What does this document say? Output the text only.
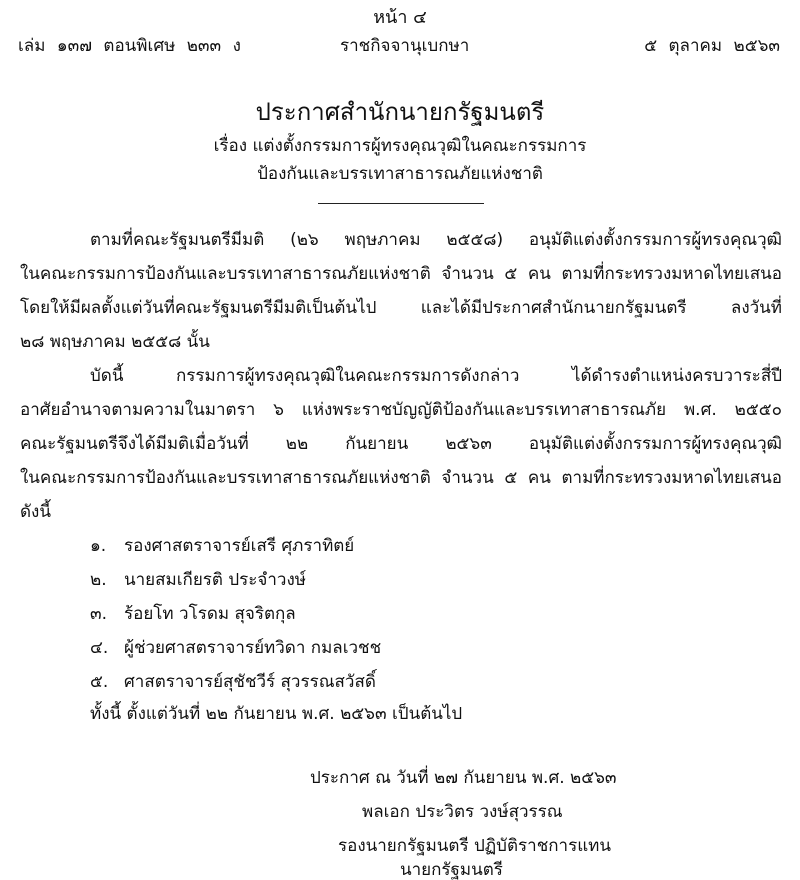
หน้า ๔
เล่ม ๑๓๗ ตอนพิเศษ ๒๓๓ ง	ราชกิจจานุเบกษา	๕ ตุลาคม ๒๕๖๓
ประกาศสำนักนายกรัฐมนตรี
เรื่อง แต่งตั้งกรรมการผู้ทรงคุณวุฒิในคณะกรรมการ
ป้องกันและบรรเทาสาธารณภัยแห่งชาติ
ตามที่คณะรัฐมนตรีมีมติ (๒๖ พฤษภาคม ๒๕๕๘) อนุมัติแต่งตั้งกรรมการผู้ทรงคุณวุฒิ
ในคณะกรรมการป้องกันและบรรเทาสาธารณภัยแห่งชาติ จำนวน ๕ คน ตามที่กระทรวงมหาดไทยเสนอ
โดยให้มีผลตั้งแต่วันที่คณะรัฐมนตรีมีมติเป็นต้นไป และได้มีประกาศสำนักนายกรัฐมนตรี ลงวันที่
๒๘ พฤษภาคม ๒๕๕๘ นั้น
บัดนี้ กรรมการผู้ทรงคุณวุฒิในคณะกรรมการดังกล่าว ได้ดำรงตำแหน่งครบวาระสี่ปี
อาศัยอำนาจตามความในมาตรา ๖ แห่งพระราชบัญญัติป้องกันและบรรเทาสาธารณภัย พ.ศ. ๒๕๕๐
คณะรัฐมนตรีจึงได้มีมติเมื่อวันที่ ๒๒ กันยายน ๒๕๖๓ อนุมัติแต่งตั้งกรรมการผู้ทรงคุณวุฒิ
ในคณะกรรมการป้องกันและบรรเทาสาธารณภัยแห่งชาติ จำนวน ๕ คน ตามที่กระทรวงมหาดไทยเสนอ
ดังนี้
๑. รองศาสตราจารย์เสรี ศุภราทิตย์
๒. นายสมเกียรติ ประจำวงษ์
๓. ร้อยโท วโรดม สุจริตกุล
๔. ผู้ช่วยศาสตราจารย์ทวิดา กมลเวชช
๕. ศาสตราจารย์สุชัชวีร์ สุวรรณสวัสดิ์
ทั้งนี้ ตั้งแต่วันที่ ๒๒ กันยายน พ.ศ. ๒๕๖๓ เป็นต้นไป
ประกาศ ณ วันที่ ๒๗ กันยายน พ.ศ. ๒๕๖๓
พลเอก ประวิตร วงษ์สุวรรณ
รองนายกรัฐมนตรี ปฏิบัติราชการแทน
นายกรัฐมนตรี
